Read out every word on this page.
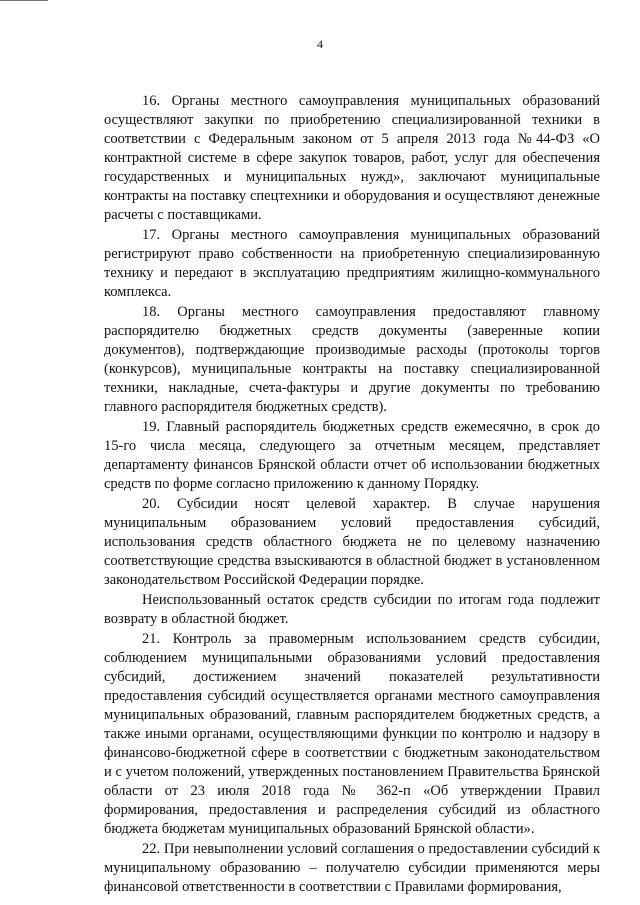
4

16. Органы местного самоуправления муниципальных образований осуществляют закупки по приобретению специализированной техники в соответствии с Федеральным законом от 5 апреля 2013 года №44-ФЗ «О контрактной системе в сфере закупок товаров, работ, услуг для обеспечения государственных и муниципальных нужд», заключают муниципальные контракты на поставку спецтехники и оборудования и осуществляют денежные расчеты с поставщиками.

17. Органы местного самоуправления муниципальных образований регистрируют право собственности на приобретенную специализированную технику и передают в эксплуатацию предприятиям жилищно-коммунального комплекса.

18. Органы местного самоуправления предоставляют главному распорядителю бюджетных средств документы (заверенные копии документов), подтверждающие производимые расходы (протоколы торгов (конкурсов), муниципальные контракты на поставку специализированной техники, накладные, счета-фактуры и другие документы по требованию главного распорядителя бюджетных средств).

19. Главный распорядитель бюджетных средств ежемесячно, в срок до 15-го числа месяца, следующего за отчетным месяцем, представляет департаменту финансов Брянской области отчет об использовании бюджетных средств по форме согласно приложению к данному Порядку.

20. Субсидии носят целевой характер. В случае нарушения муниципальным образованием условий предоставления субсидий, использования средств областного бюджета не по целевому назначению соответствующие средства взыскиваются в областной бюджет в установленном законодательством Российской Федерации порядке.

Неиспользованный остаток средств субсидии по итогам года подлежит возврату в областной бюджет.

21. Контроль за правомерным использованием средств субсидии, соблюдением муниципальными образованиями условий предоставления субсидий, достижением значений показателей результативности предоставления субсидий осуществляется органами местного самоуправления муниципальных образований, главным распорядителем бюджетных средств, а также иными органами, осуществляющими функции по контролю и надзору в финансово-бюджетной сфере в соответствии с бюджетным законодательством и с учетом положений, утвержденных постановлением Правительства Брянской области от 23 июля 2018 года № 362-п «Об утверждении Правил формирования, предоставления и распределения субсидий из областного бюджета бюджетам муниципальных образований Брянской области».

22. При невыполнении условий соглашения о предоставлении субсидий к муниципальному образованию – получателю субсидии применяются меры финансовой ответственности в соответствии с Правилами формирования,
